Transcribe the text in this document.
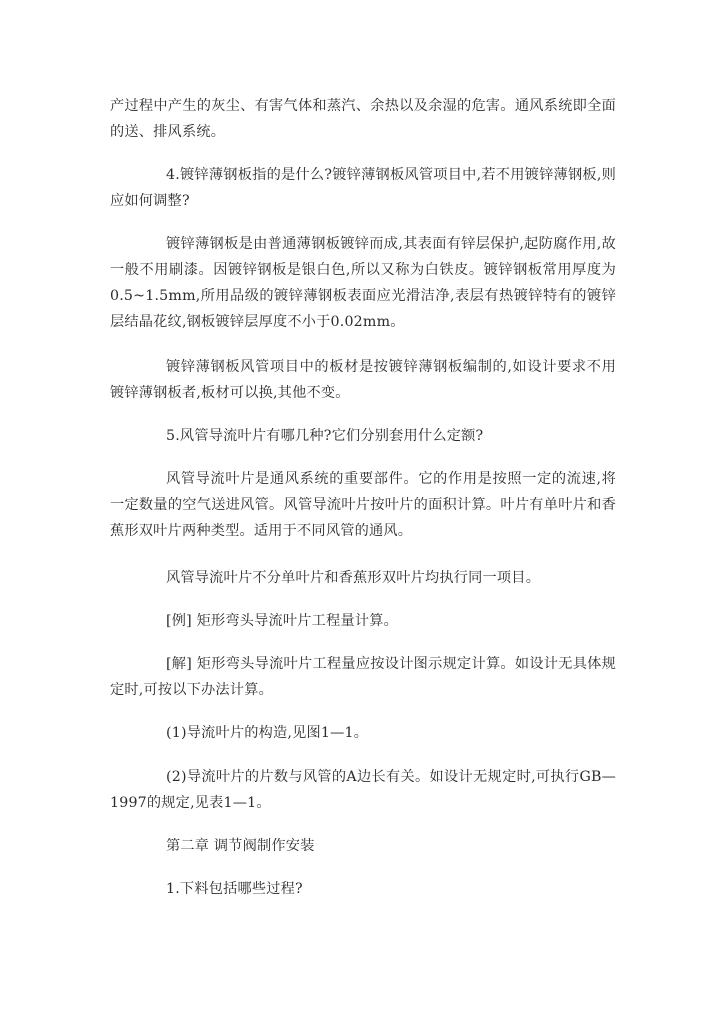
产过程中产生的灰尘、有害气体和蒸汽、余热以及余湿的危害。通风系统即全面的送、排风系统。

4.镀锌薄钢板指的是什么?镀锌薄钢板风管项目中,若不用镀锌薄钢板,则应如何调整?

镀锌薄钢板是由普通薄钢板镀锌而成,其表面有锌层保护,起防腐作用,故一般不用刷漆。因镀锌钢板是银白色,所以又称为白铁皮。镀锌钢板常用厚度为0.5~1.5mm,所用品级的镀锌薄钢板表面应光滑洁净,表层有热镀锌特有的镀锌层结晶花纹,钢板镀锌层厚度不小于0.02mm。

镀锌薄钢板风管项目中的板材是按镀锌薄钢板编制的,如设计要求不用镀锌薄钢板者,板材可以换,其他不变。

5.风管导流叶片有哪几种?它们分别套用什么定额?

风管导流叶片是通风系统的重要部件。它的作用是按照一定的流速,将一定数量的空气送进风管。风管导流叶片按叶片的面积计算。叶片有单叶片和香蕉形双叶片两种类型。适用于不同风管的通风。

风管导流叶片不分单叶片和香蕉形双叶片均执行同一项目。

[例] 矩形弯头导流叶片工程量计算。

[解] 矩形弯头导流叶片工程量应按设计图示规定计算。如设计无具体规定时,可按以下办法计算。

(1)导流叶片的构造,见图1—1。

(2)导流叶片的片数与风管的A边长有关。如设计无规定时,可执行GB—1997的规定,见表1—1。

第二章 调节阀制作安装

1.下料包括哪些过程?
